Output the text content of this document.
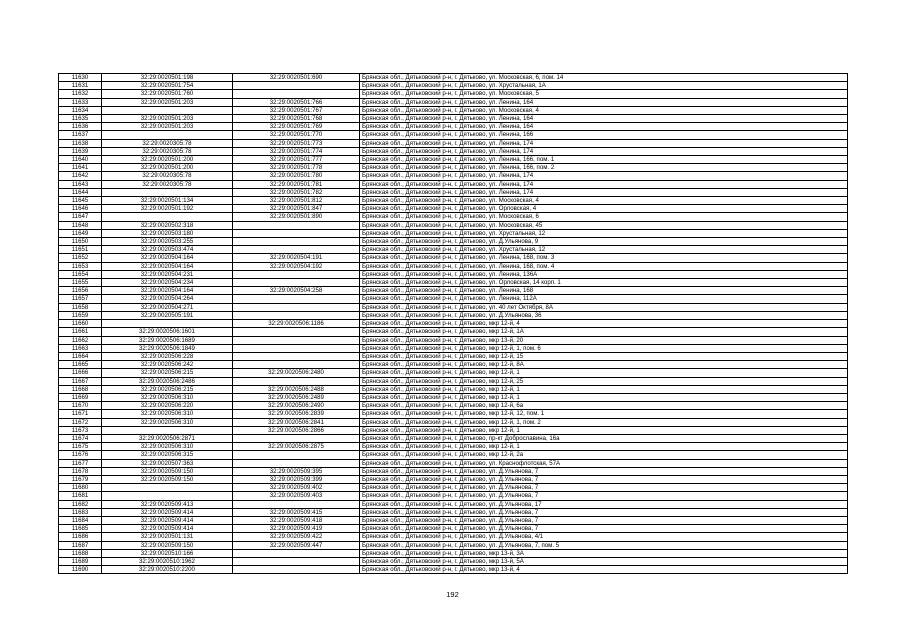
11630	32:29:0020501:198	32:29:0020501:690	Брянская обл., Дятьковский р-н, г. Дятьково, ул. Московская, 6, пом. 14
11631	32:29:0020501:754		Брянская обл., Дятьковский р-н, г. Дятьково, ул. Хрустальная, 1А
11632	32:29:0020501:760		Брянская обл., Дятьковский р-н, г. Дятьково, ул. Московская, 5
11633	32:29:0020501:203	32:29:0020501:766	Брянская обл., Дятьковский р-н, г. Дятьково, ул. Ленина, 164
11634		32:29:0020501:767	Брянская обл., Дятьковский р-н, г. Дятьково, ул. Московская, 4
11635	32:29:0020501:203	32:29:0020501:768	Брянская обл., Дятьковский р-н, г. Дятьково, ул. Ленина, 164
11636	32:29:0020501:203	32:29:0020501:769	Брянская обл., Дятьковский р-н, г. Дятьково, ул. Ленина, 164
11637		32:29:0020501:770	Брянская обл., Дятьковский р-н, г. Дятьково, ул. Ленина, 166
11638	32:29:0020305:78	32:29:0020501:773	Брянская обл., Дятьковский р-н, г. Дятьково, ул. Ленина, 174
11639	32:29:0020305:78	32:29:0020501:774	Брянская обл., Дятьковский р-н, г. Дятьково, ул. Ленина, 174
11640	32:29:0020501:200	32:29:0020501:777	Брянская обл., Дятьковский р-н, г. Дятьково, ул. Ленина, 166, пом. 1
11641	32:29:0020501:200	32:29:0020501:778	Брянская обл., Дятьковский р-н, г. Дятьково, ул. Ленина, 166, пом. 2
11642	32:29:0020305:78	32:29:0020501:780	Брянская обл., Дятьковский р-н, г. Дятьково, ул. Ленина, 174
11643	32:29:0020305:78	32:29:0020501:781	Брянская обл., Дятьковский р-н, г. Дятьково, ул. Ленина, 174
11644		32:29:0020501:782	Брянская обл., Дятьковский р-н, г. Дятьково, ул. Ленина, 174
11645	32:29:0020501:134	32:29:0020501:812	Брянская обл., Дятьковский р-н, г. Дятьково, ул. Московская, 4
11646	32:29:0020501:192	32:29:0020501:847	Брянская обл., Дятьковский р-н, г. Дятьково, ул. Орловская, 4
11647		32:29:0020501:890	Брянская обл., Дятьковский р-н, г. Дятьково, ул. Московская, 6
11648	32:29:0020502:318		Брянская обл., Дятьковский р-н, г. Дятьково, ул. Московская, 45
11649	32:29:0020503:180		Брянская обл., Дятьковский р-н, г. Дятьково, ул. Хрустальная, 12
11650	32:29:0020503:255		Брянская обл., Дятьковский р-н, г. Дятьково, ул. Д.Ульянова, 9
11651	32:29:0020503:474		Брянская обл., Дятьковский р-н, г. Дятьково, ул. Хрустальная, 12
11652	32:29:0020504:164	32:29:0020504:191	Брянская обл., Дятьковский р-н, г. Дятьково, ул. Ленина, 168, пом. 3
11653	32:29:0020504:164	32:29:0020504:192	Брянская обл., Дятьковский р-н, г. Дятьково, ул. Ленина, 168, пом. 4
11654	32:29:0020504:231		Брянская обл., Дятьковский р-н, г. Дятьково, ул. Ленина, 136А
11655	32:29:0020504:234		Брянская обл., Дятьковский р-н, г. Дятьково, ул. Орловская, 14 корп. 1
11656	32:29:0020504:164	32:29:0020504:258	Брянская обл., Дятьковский р-н, г. Дятьково, ул. Ленина, 168
11657	32:29:0020504:264		Брянская обл., Дятьковский р-н, г. Дятьково, ул. Ленина, 112А
11658	32:29:0020504:271		Брянская обл., Дятьковский р-н, г. Дятьково, ул. 40 лет Октября, 8А
11659	32:29:0020505:191		Брянская обл., Дятьковский р-н, г. Дятьково, ул. Д.Ульянова, 36
11660		32:29:0020506:1186	Брянская обл., Дятьковский р-н, г. Дятьково, мкр 12-й, 4
11661	32:29:0020506:1601		Брянская обл., Дятьковский р-н, г. Дятьково, мкр 12-й, 1А
11662	32:29:0020506:1689		Брянская обл., Дятьковский р-н, г. Дятьково, мкр 13-й, 20
11663	32:29:0020506:1849		Брянская обл., Дятьковский р-н, г. Дятьково, мкр 12-й, 1, пом. 6
11664	32:29:0020506:228		Брянская обл., Дятьковский р-н, г. Дятьково, мкр 12-й, 15
11665	32:29:0020506:242		Брянская обл., Дятьковский р-н, г. Дятьково, мкр 12-й, 8А
11666	32:29:0020506:215	32:29:0020506:2480	Брянская обл., Дятьковский р-н, г. Дятьково, мкр 12-й, 1
11667	32:29:0020506:2486		Брянская обл., Дятьковский р-н, г. Дятьково, мкр 12-й, 25
11668	32:29:0020506:215	32:29:0020506:2488	Брянская обл., Дятьковский р-н, г. Дятьково, мкр 12-й, 1
11669	32:29:0020506:310	32:29:0020506:2489	Брянская обл., Дятьковский р-н, г. Дятьково, мкр 12-й, 1
11670	32:29:0020506:220	32:29:0020506:2490	Брянская обл., Дятьковский р-н, г. Дятьково, мкр 12-й, 6а
11671	32:29:0020506:310	32:29:0020506:2839	Брянская обл., Дятьковский р-н, г. Дятьково, мкр 12-й, 12, пом. 1
11672	32:29:0020506:310	32:29:0020506:2841	Брянская обл., Дятьковский р-н, г. Дятьково, мкр 12-й, 1, пом. 2
11673		32:29:0020506:2866	Брянская обл., Дятьковский р-н, г. Дятьково, мкр 12-й, 1
11674	32:29:0020506:2871		Брянская обл., Дятьковский р-н, г. Дятьково, пр-кт Доброславина, 16а
11675	32:29:0020506:310	32:29:0020506:2875	Брянская обл., Дятьковский р-н, г. Дятьково, мкр 12-й, 1
11676	32:29:0020506:315		Брянская обл., Дятьковский р-н, г. Дятьково, мкр 12-й, 2а
11677	32:29:0020507:363		Брянская обл., Дятьковский р-н, г. Дятьково, ул. Краснофлотская, 57А
11678	32:29:0020509:150	32:29:0020509:395	Брянская обл., Дятьковский р-н, г. Дятьково, ул. Д.Ульянова, 7
11679	32:29:0020509:150	32:29:0020509:399	Брянская обл., Дятьковский р-н, г. Дятьково, ул. Д.Ульянова, 7
11680		32:29:0020509:402	Брянская обл., Дятьковский р-н, г. Дятьково, ул. Д.Ульянова, 7
11681		32:29:0020509:403	Брянская обл., Дятьковский р-н, г. Дятьково, ул. Д.Ульянова, 7
11682	32:29:0020509:413		Брянская обл., Дятьковский р-н, г. Дятьково, ул. Д.Ульянова, 17
11683	32:29:0020509:414	32:29:0020509:415	Брянская обл., Дятьковский р-н, г. Дятьково, ул. Д.Ульянова, 7
11684	32:29:0020509:414	32:29:0020509:418	Брянская обл., Дятьковский р-н, г. Дятьково, ул. Д.Ульянова, 7
11685	32:29:0020509:414	32:29:0020509:419	Брянская обл., Дятьковский р-н, г. Дятьково, ул. Д.Ульянова, 7
11686	32:29:0020501:131	32:29:0020509:422	Брянская обл., Дятьковский р-н, г. Дятьково, ул. Д.Ульянова, 4/1
11687	32:29:0020509:150	32:29:0020509:447	Брянская обл., Дятьковский р-н, г. Дятьково, ул. Д.Ульянова, 7, пом. 5
11688	32:29:0020510:166		Брянская обл., Дятьковский р-н, г. Дятьково, мкр 13-й, 3А
11689	32:29:0020510:1962		Брянская обл., Дятьковский р-н, г. Дятьково, мкр 13-й, 5А
11690	32:29:0020510:2200		Брянская обл., Дятьковский р-н, г. Дятьково, мкр 13-й, 4
192
